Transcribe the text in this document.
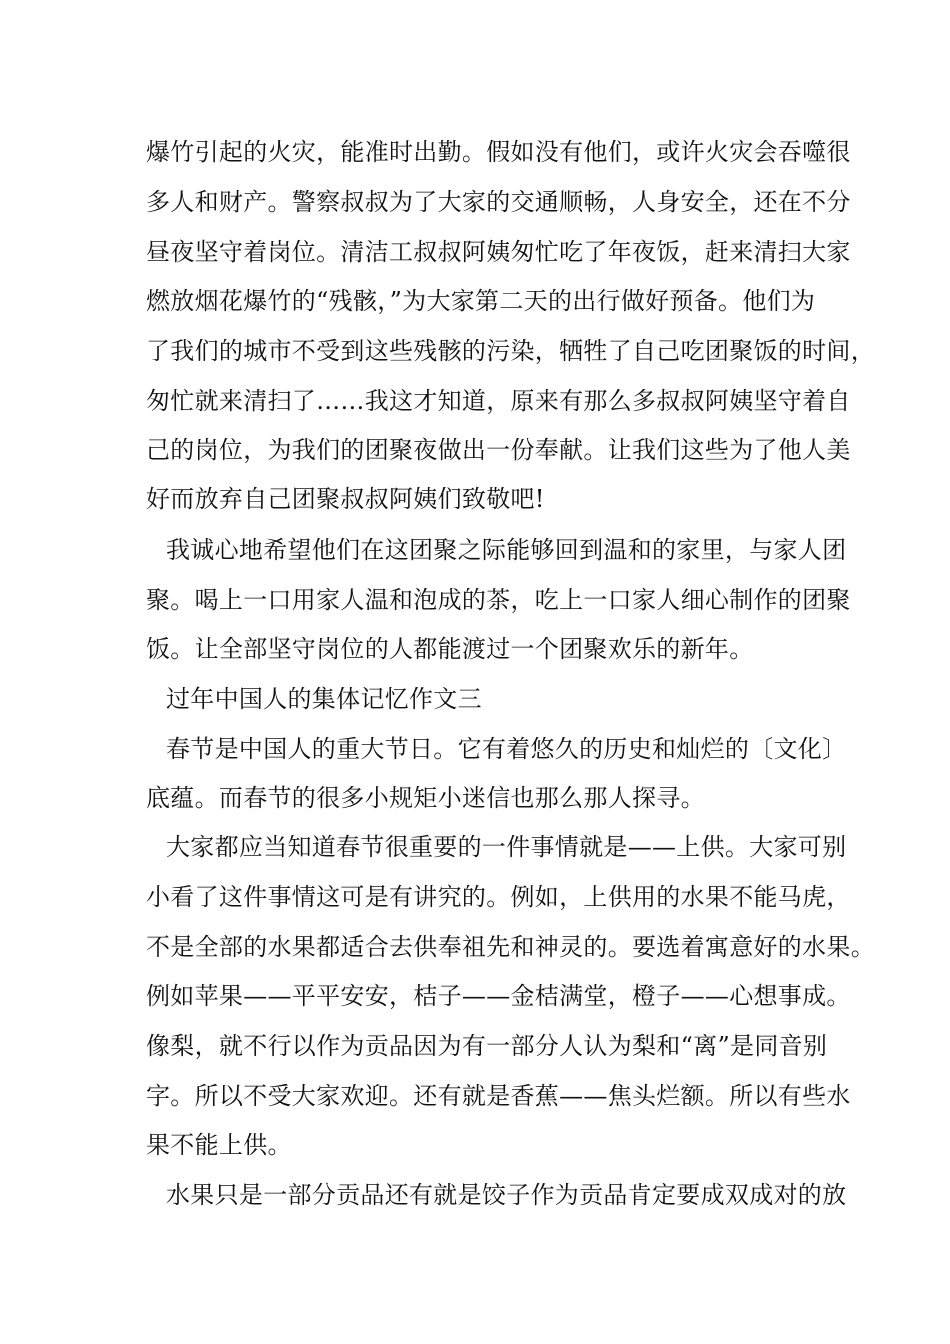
爆竹引起的火灾，能准时出勤。假如没有他们，或许火灾会吞噬很
多人和财产。警察叔叔为了大家的交通顺畅，人身安全，还在不分
昼夜坚守着岗位。清洁工叔叔阿姨匆忙吃了年夜饭，赶来清扫大家
燃放烟花爆竹的“残骸，”为大家第二天的出行做好预备。他们为
了我们的城市不受到这些残骸的污染，牺牲了自己吃团聚饭的时间，
匆忙就来清扫了……我这才知道，原来有那么多叔叔阿姨坚守着自
己的岗位，为我们的团聚夜做出一份奉献。让我们这些为了他人美
好而放弃自己团聚叔叔阿姨们致敬吧!
我诚心地希望他们在这团聚之际能够回到温和的家里，与家人团
聚。喝上一口用家人温和泡成的茶，吃上一口家人细心制作的团聚
饭。让全部坚守岗位的人都能渡过一个团聚欢乐的新年。
过年中国人的集体记忆作文三
春节是中国人的重大节日。它有着悠久的历史和灿烂的〔文化〕
底蕴。而春节的很多小规矩小迷信也那么那人探寻。
大家都应当知道春节很重要的一件事情就是——上供。大家可别
小看了这件事情这可是有讲究的。例如，上供用的水果不能马虎，
不是全部的水果都适合去供奉祖先和神灵的。要选着寓意好的水果。
例如苹果——平平安安，桔子——金桔满堂，橙子——心想事成。
像梨，就不行以作为贡品因为有一部分人认为梨和“离”是同音别
字。所以不受大家欢迎。还有就是香蕉——焦头烂额。所以有些水
果不能上供。
水果只是一部分贡品还有就是饺子作为贡品肯定要成双成对的放
